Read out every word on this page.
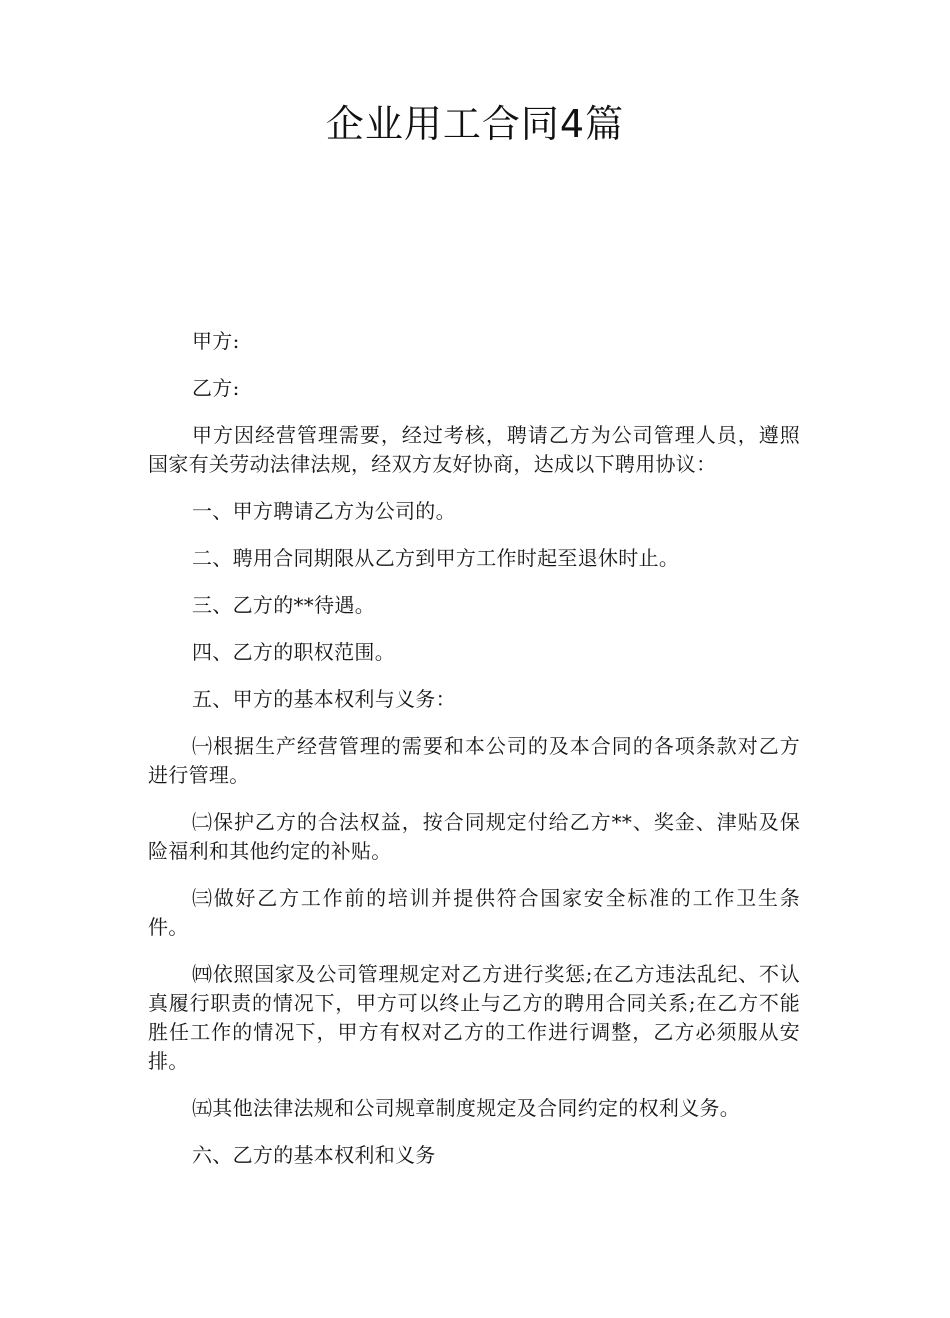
企业用工合同4篇

甲方:

乙方:

甲方因经营管理需要，经过考核，聘请乙方为公司管理人员，遵照国家有关劳动法律法规，经双方友好协商，达成以下聘用协议：

一、甲方聘请乙方为公司的。

二、聘用合同期限从乙方到甲方工作时起至退休时止。

三、乙方的**待遇。

四、乙方的职权范围。

五、甲方的基本权利与义务：

㈠根据生产经营管理的需要和本公司的及本合同的各项条款对乙方进行管理。

㈡保护乙方的合法权益，按合同规定付给乙方**、奖金、津贴及保险福利和其他约定的补贴。

㈢做好乙方工作前的培训并提供符合国家安全标准的工作卫生条件。

㈣依照国家及公司管理规定对乙方进行奖惩;在乙方违法乱纪、不认真履行职责的情况下，甲方可以终止与乙方的聘用合同关系;在乙方不能胜任工作的情况下，甲方有权对乙方的工作进行调整，乙方必须服从安排。

㈤其他法律法规和公司规章制度规定及合同约定的权利义务。

六、乙方的基本权利和义务
